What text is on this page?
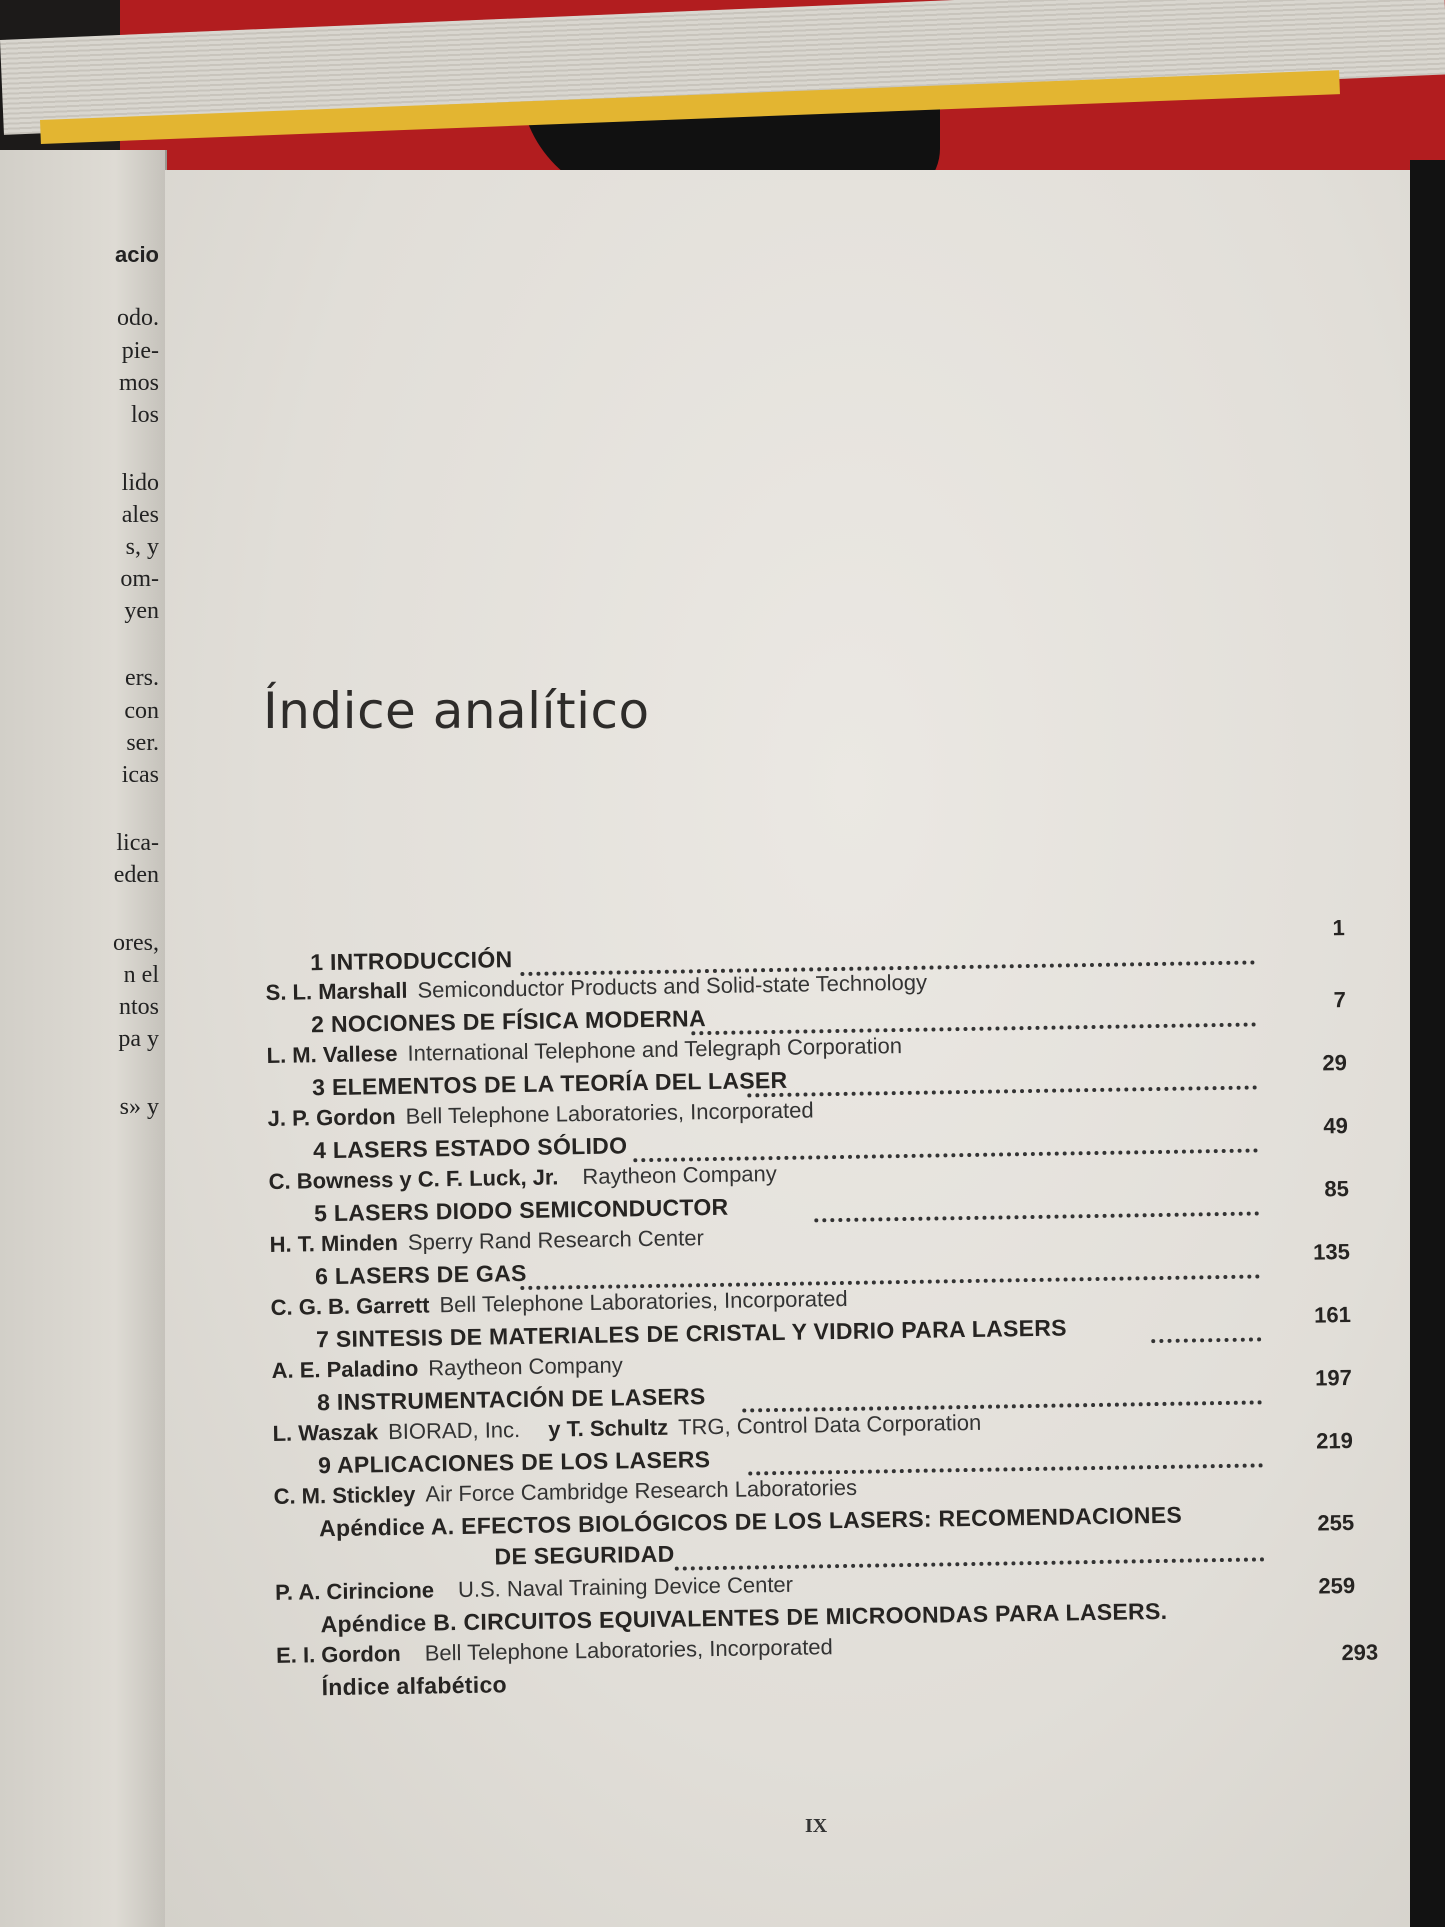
acio
odo.
pie-
mos
los
lido
ales
s, y
om-
yen
ers.
con
ser.
icas
lica-
eden
ores,
n el
ntos
pa y
s» y
Índice analítico
1 INTRODUCCIÓN
1
S. L. Marshall Semiconductor Products and Solid-state Technology
2 NOCIONES DE FÍSICA MODERNA
7
L. M. Vallese International Telephone and Telegraph Corporation
3 ELEMENTOS DE LA TEORÍA DEL LASER
29
J. P. Gordon Bell Telephone Laboratories, Incorporated
4 LASERS ESTADO SÓLIDO
49
C. Bowness y C. F. Luck, Jr. Raytheon Company
5 LASERS DIODO SEMICONDUCTOR
85
H. T. Minden Sperry Rand Research Center
6 LASERS DE GAS
135
C. G. B. Garrett Bell Telephone Laboratories, Incorporated
7 SINTESIS DE MATERIALES DE CRISTAL Y VIDRIO PARA LASERS	161
A. E. Paladino Raytheon Company
8 INSTRUMENTACIÓN DE LASERS
197
L. Waszak BIORAD, Inc. y T. Schultz TRG, Control Data Corporation
9 APLICACIONES DE LOS LASERS
219
C. M. Stickley Air Force Cambridge Research Laboratories
Apéndice A. EFECTOS BIOLÓGICOS DE LOS LASERS: RECOMENDACIONES
DE SEGURIDAD
255
P. A. Cirincione U.S. Naval Training Device Center
Apéndice B. CIRCUITOS EQUIVALENTES DE MICROONDAS PARA LASERS.
259
E. I. Gordon Bell Telephone Laboratories, Incorporated
Índice alfabético
293

IX
